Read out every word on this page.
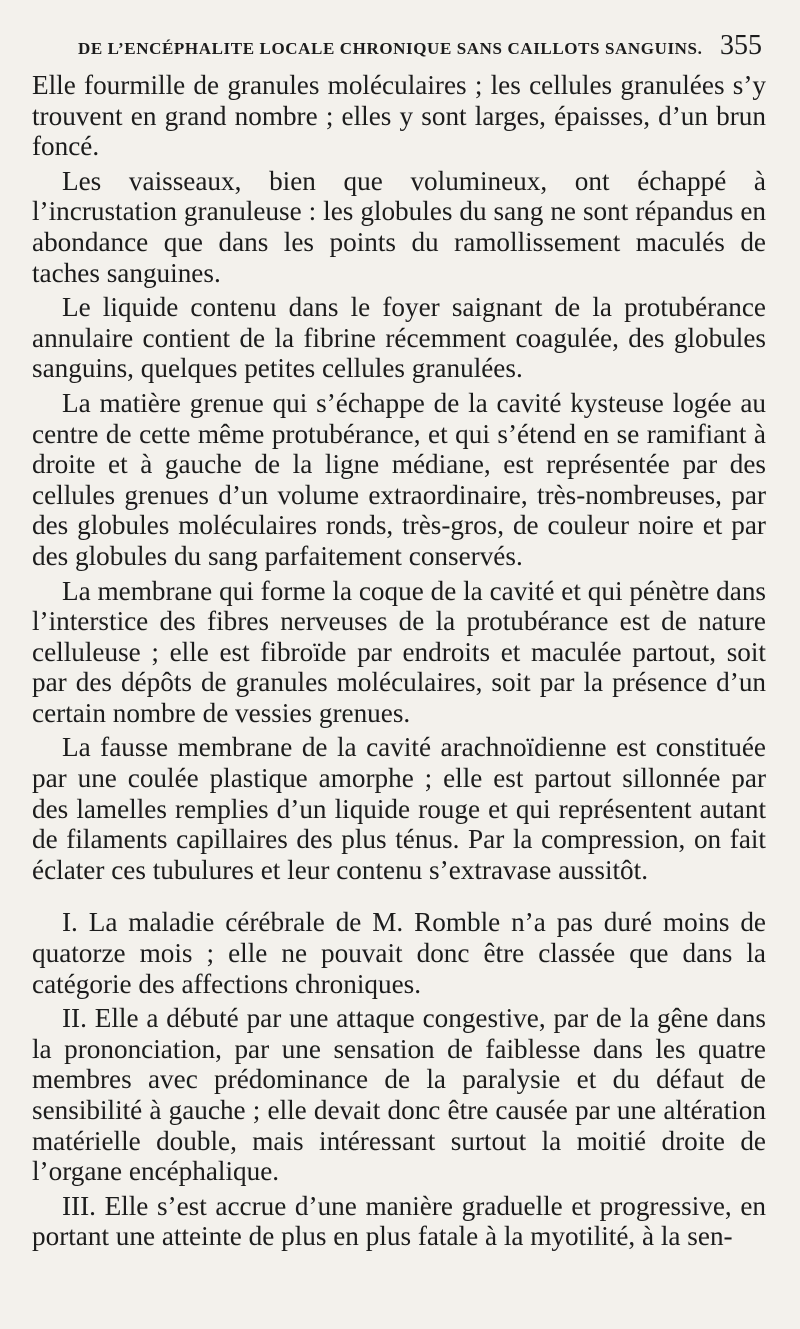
DE L’ENCÉPHALITE LOCALE CHRONIQUE SANS CAILLOTS SANGUINS. 355

Elle fourmille de granules moléculaires ; les cellules granulées s’y trouvent en grand nombre ; elles y sont larges, épaisses, d’un brun foncé.

Les vaisseaux, bien que volumineux, ont échappé à l’incrustation granuleuse : les globules du sang ne sont répandus en abondance que dans les points du ramollissement maculés de taches sanguines.

Le liquide contenu dans le foyer saignant de la protubérance annulaire contient de la fibrine récemment coagulée, des globules sanguins, quelques petites cellules granulées.

La matière grenue qui s’échappe de la cavité kysteuse logée au centre de cette même protubérance, et qui s’étend en se ramifiant à droite et à gauche de la ligne médiane, est représentée par des cellules grenues d’un volume extraordinaire, très-nombreuses, par des globules moléculaires ronds, très-gros, de couleur noire et par des globules du sang parfaitement conservés.

La membrane qui forme la coque de la cavité et qui pénètre dans l’interstice des fibres nerveuses de la protubérance est de nature celluleuse ; elle est fibroïde par endroits et maculée partout, soit par des dépôts de granules moléculaires, soit par la présence d’un certain nombre de vessies grenues.

La fausse membrane de la cavité arachnoïdienne est constituée par une coulée plastique amorphe ; elle est partout sillonnée par des lamelles remplies d’un liquide rouge et qui représentent autant de filaments capillaires des plus ténus. Par la compression, on fait éclater ces tubulures et leur contenu s’extravase aussitôt.

I. La maladie cérébrale de M. Romble n’a pas duré moins de quatorze mois ; elle ne pouvait donc être classée que dans la catégorie des affections chroniques.

II. Elle a débuté par une attaque congestive, par de la gêne dans la prononciation, par une sensation de faiblesse dans les quatre membres avec prédominance de la paralysie et du défaut de sensibilité à gauche ; elle devait donc être causée par une altération matérielle double, mais intéressant surtout la moitié droite de l’organe encéphalique.

III. Elle s’est accrue d’une manière graduelle et progressive, en portant une atteinte de plus en plus fatale à la myotilité, à la sen-
